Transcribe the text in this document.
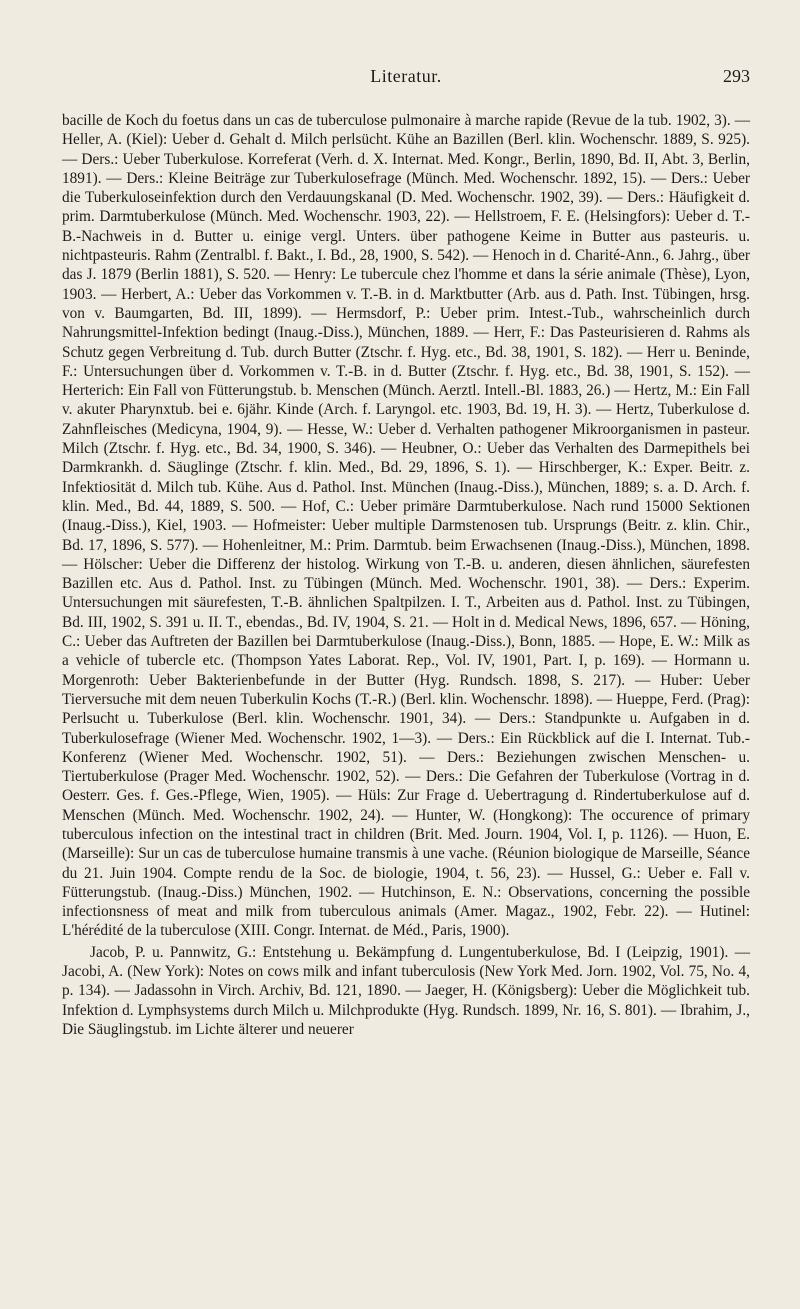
Literatur.	293

bacille de Koch du foetus dans un cas de tuberculose pulmonaire à marche rapide (Revue de la tub. 1902, 3). — Heller, A. (Kiel): Ueber d. Gehalt d. Milch perlsücht. Kühe an Bazillen (Berl. klin. Wochenschr. 1889, S. 925). — Ders.: Ueber Tuberkulose. Korreferat (Verh. d. X. Internat. Med. Kongr., Berlin, 1890, Bd. II, Abt. 3, Berlin, 1891). — Ders.: Kleine Beiträge zur Tuberkulosefrage (Münch. Med. Wochenschr. 1892, 15). — Ders.: Ueber die Tuberkuloseinfektion durch den Verdauungskanal (D. Med. Wochenschr. 1902, 39). — Ders.: Häufigkeit d. prim. Darmtuberkulose (Münch. Med. Wochenschr. 1903, 22). — Hellstroem, F. E. (Helsingfors): Ueber d. T.-B.-Nachweis in d. Butter u. einige vergl. Unters. über pathogene Keime in Butter aus pasteuris. u. nichtpasteuris. Rahm (Zentralbl. f. Bakt., I. Bd., 28, 1900, S. 542). — Henoch in d. Charité-Ann., 6. Jahrg., über das J. 1879 (Berlin 1881), S. 520. — Henry: Le tubercule chez l'homme et dans la série animale (Thèse), Lyon, 1903. — Herbert, A.: Ueber das Vorkommen v. T.-B. in d. Marktbutter (Arb. aus d. Path. Inst. Tübingen, hrsg. von v. Baumgarten, Bd. III, 1899). — Hermsdorf, P.: Ueber prim. Intest.-Tub., wahrscheinlich durch Nahrungsmittel-Infektion bedingt (Inaug.-Diss.), München, 1889. — Herr, F.: Das Pasteurisieren d. Rahms als Schutz gegen Verbreitung d. Tub. durch Butter (Ztschr. f. Hyg. etc., Bd. 38, 1901, S. 182). — Herr u. Beninde, F.: Untersuchungen über d. Vorkommen v. T.-B. in d. Butter (Ztschr. f. Hyg. etc., Bd. 38, 1901, S. 152). — Herterich: Ein Fall von Fütterungstub. b. Menschen (Münch. Aerztl. Intell.-Bl. 1883, 26.) — Hertz, M.: Ein Fall v. akuter Pharynxtub. bei e. 6jähr. Kinde (Arch. f. Laryngol. etc. 1903, Bd. 19, H. 3). — Hertz, Tuberkulose d. Zahnfleisches (Medicyna, 1904, 9). — Hesse, W.: Ueber d. Verhalten pathogener Mikroorganismen in pasteur. Milch (Ztschr. f. Hyg. etc., Bd. 34, 1900, S. 346). — Heubner, O.: Ueber das Verhalten des Darmepithels bei Darmkrankh. d. Säuglinge (Ztschr. f. klin. Med., Bd. 29, 1896, S. 1). — Hirschberger, K.: Exper. Beitr. z. Infektiosität d. Milch tub. Kühe. Aus d. Pathol. Inst. München (Inaug.-Diss.), München, 1889; s. a. D. Arch. f. klin. Med., Bd. 44, 1889, S. 500. — Hof, C.: Ueber primäre Darmtuberkulose. Nach rund 15000 Sektionen (Inaug.-Diss.), Kiel, 1903. — Hofmeister: Ueber multiple Darmstenosen tub. Ursprungs (Beitr. z. klin. Chir., Bd. 17, 1896, S. 577). — Hohenleitner, M.: Prim. Darmtub. beim Erwachsenen (Inaug.-Diss.), München, 1898. — Hölscher: Ueber die Differenz der histolog. Wirkung von T.-B. u. anderen, diesen ähnlichen, säurefesten Bazillen etc. Aus d. Pathol. Inst. zu Tübingen (Münch. Med. Wochenschr. 1901, 38). — Ders.: Experim. Untersuchungen mit säurefesten, T.-B. ähnlichen Spaltpilzen. I. T., Arbeiten aus d. Pathol. Inst. zu Tübingen, Bd. III, 1902, S. 391 u. II. T., ebendas., Bd. IV, 1904, S. 21. — Holt in d. Medical News, 1896, 657. — Höning, C.: Ueber das Auftreten der Bazillen bei Darmtuberkulose (Inaug.-Diss.), Bonn, 1885. — Hope, E. W.: Milk as a vehicle of tubercle etc. (Thompson Yates Laborat. Rep., Vol. IV, 1901, Part. I, p. 169). — Hormann u. Morgenroth: Ueber Bakterienbefunde in der Butter (Hyg. Rundsch. 1898, S. 217). — Huber: Ueber Tierversuche mit dem neuen Tuberkulin Kochs (T.-R.) (Berl. klin. Wochenschr. 1898). — Hueppe, Ferd. (Prag): Perlsucht u. Tuberkulose (Berl. klin. Wochenschr. 1901, 34). — Ders.: Standpunkte u. Aufgaben in d. Tuberkulosefrage (Wiener Med. Wochenschr. 1902, 1—3). — Ders.: Ein Rückblick auf die I. Internat. Tub.-Konferenz (Wiener Med. Wochenschr. 1902, 51). — Ders.: Beziehungen zwischen Menschen- u. Tiertuberkulose (Prager Med. Wochenschr. 1902, 52). — Ders.: Die Gefahren der Tuberkulose (Vortrag in d. Oesterr. Ges. f. Ges.-Pflege, Wien, 1905). — Hüls: Zur Frage d. Uebertragung d. Rindertuberkulose auf d. Menschen (Münch. Med. Wochenschr. 1902, 24). — Hunter, W. (Hongkong): The occurence of primary tuberculous infection on the intestinal tract in children (Brit. Med. Journ. 1904, Vol. I, p. 1126). — Huon, E. (Marseille): Sur un cas de tuberculose humaine transmis à une vache. (Réunion biologique de Marseille, Séance du 21. Juin 1904. Compte rendu de la Soc. de biologie, 1904, t. 56, 23). — Hussel, G.: Ueber e. Fall v. Fütterungstub. (Inaug.-Diss.) München, 1902. — Hutchinson, E. N.: Observations, concerning the possible infectionsness of meat and milk from tuberculous animals (Amer. Magaz., 1902, Febr. 22). — Hutinel: L'hérédité de la tuberculose (XIII. Congr. Internat. de Méd., Paris, 1900).

Jacob, P. u. Pannwitz, G.: Entstehung u. Bekämpfung d. Lungentuberkulose, Bd. I (Leipzig, 1901). — Jacobi, A. (New York): Notes on cows milk and infant tuberculosis (New York Med. Jorn. 1902, Vol. 75, No. 4, p. 134). — Jadassohn in Virch. Archiv, Bd. 121, 1890. — Jaeger, H. (Königsberg): Ueber die Möglichkeit tub. Infektion d. Lymphsystems durch Milch u. Milchprodukte (Hyg. Rundsch. 1899, Nr. 16, S. 801). — Ibrahim, J., Die Säuglingstub. im Lichte älterer und neuerer
